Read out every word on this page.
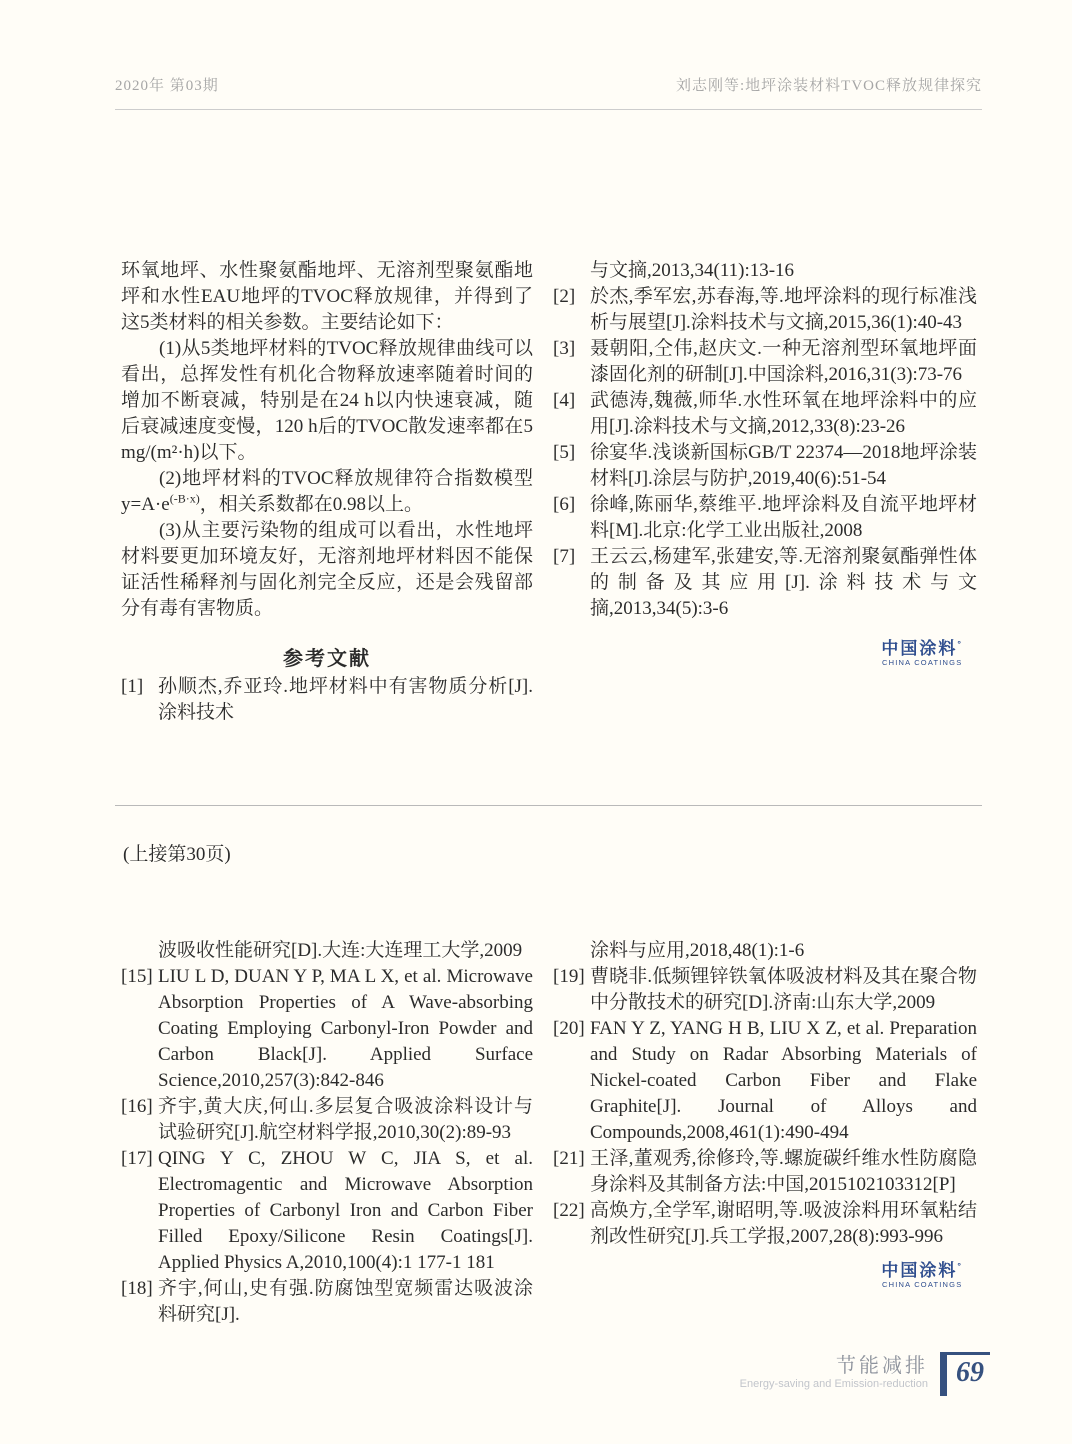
2020年 第03期	刘志刚等:地坪涂装材料TVOC释放规律探究

环氧地坪、水性聚氨酯地坪、无溶剂型聚氨酯地坪和水性EAU地坪的TVOC释放规律，并得到了这5类材料的相关参数。主要结论如下：

(1)从5类地坪材料的TVOC释放规律曲线可以看出，总挥发性有机化合物释放速率随着时间的增加不断衰减，特别是在24 h以内快速衰减，随后衰减速度变慢，120 h后的TVOC散发速率都在5 mg/(m²·h)以下。

(2)地坪材料的TVOC释放规律符合指数模型$y=A\cdot e^{(-B\cdot x)}$，相关系数都在0.98以上。

(3)从主要污染物的组成可以看出，水性地坪材料要更加环境友好，无溶剂地坪材料因不能保证活性稀释剂与固化剂完全反应，还是会残留部分有毒有害物质。

参考文献

[1] 孙顺杰,乔亚玲.地坪材料中有害物质分析[J].涂料技术

与文摘,2013,34(11):13-16

[2] 於杰,季军宏,苏春海,等.地坪涂料的现行标准浅析与展望[J].涂料技术与文摘,2015,36(1):40-43

[3] 聂朝阳,仝伟,赵庆文.一种无溶剂型环氧地坪面漆固化剂的研制[J].中国涂料,2016,31(3):73-76

[4] 武德涛,魏薇,师华.水性环氧在地坪涂料中的应用[J].涂料技术与文摘,2012,33(8):23-26

[5] 徐宴华.浅谈新国标GB/T 22374—2018地坪涂装材料[J].涂层与防护,2019,40(6):51-54

[6] 徐峰,陈丽华,蔡维平.地坪涂料及自流平地坪材料[M].北京:化学工业出版社,2008

[7] 王云云,杨建军,张建安,等.无溶剂聚氨酯弹性体的制备及其应用[J].涂料技术与文摘,2013,34(5):3-6

中国涂料°
CHINA COATINGS
(上接第30页)

波吸收性能研究[D].大连:大连理工大学,2009

[15] LIU L D, DUAN Y P, MA L X, et al. Microwave Absorption Properties of A Wave-absorbing Coating Employing Carbonyl-Iron Powder and Carbon Black[J]. Applied Surface Science,2010,257(3):842-846

[16] 齐宇,黄大庆,何山.多层复合吸波涂料设计与试验研究[J].航空材料学报,2010,30(2):89-93

[17] QING Y C, ZHOU W C, JIA S, et al. Electromagentic and Microwave Absorption Properties of Carbonyl Iron and Carbon Fiber Filled Epoxy/Silicone Resin Coatings[J]. Applied Physics A,2010,100(4):1 177-1 181

[18] 齐宇,何山,史有强.防腐蚀型宽频雷达吸波涂料研究[J].

涂料与应用,2018,48(1):1-6

[19] 曹晓非.低频锂锌铁氧体吸波材料及其在聚合物中分散技术的研究[D].济南:山东大学,2009

[20] FAN Y Z, YANG H B, LIU X Z, et al. Preparation and Study on Radar Absorbing Materials of Nickel-coated Carbon Fiber and Flake Graphite[J]. Journal of Alloys and Compounds,2008,461(1):490-494

[21] 王泽,董观秀,徐修玲,等.螺旋碳纤维水性防腐隐身涂料及其制备方法:中国,2015102103312[P]

[22] 高焕方,全学军,谢昭明,等.吸波涂料用环氧粘结剂改性研究[J].兵工学报,2007,28(8):993-996

中国涂料°
CHINA COATINGS
节能减排
Energy-saving and Emission-reduction 69
